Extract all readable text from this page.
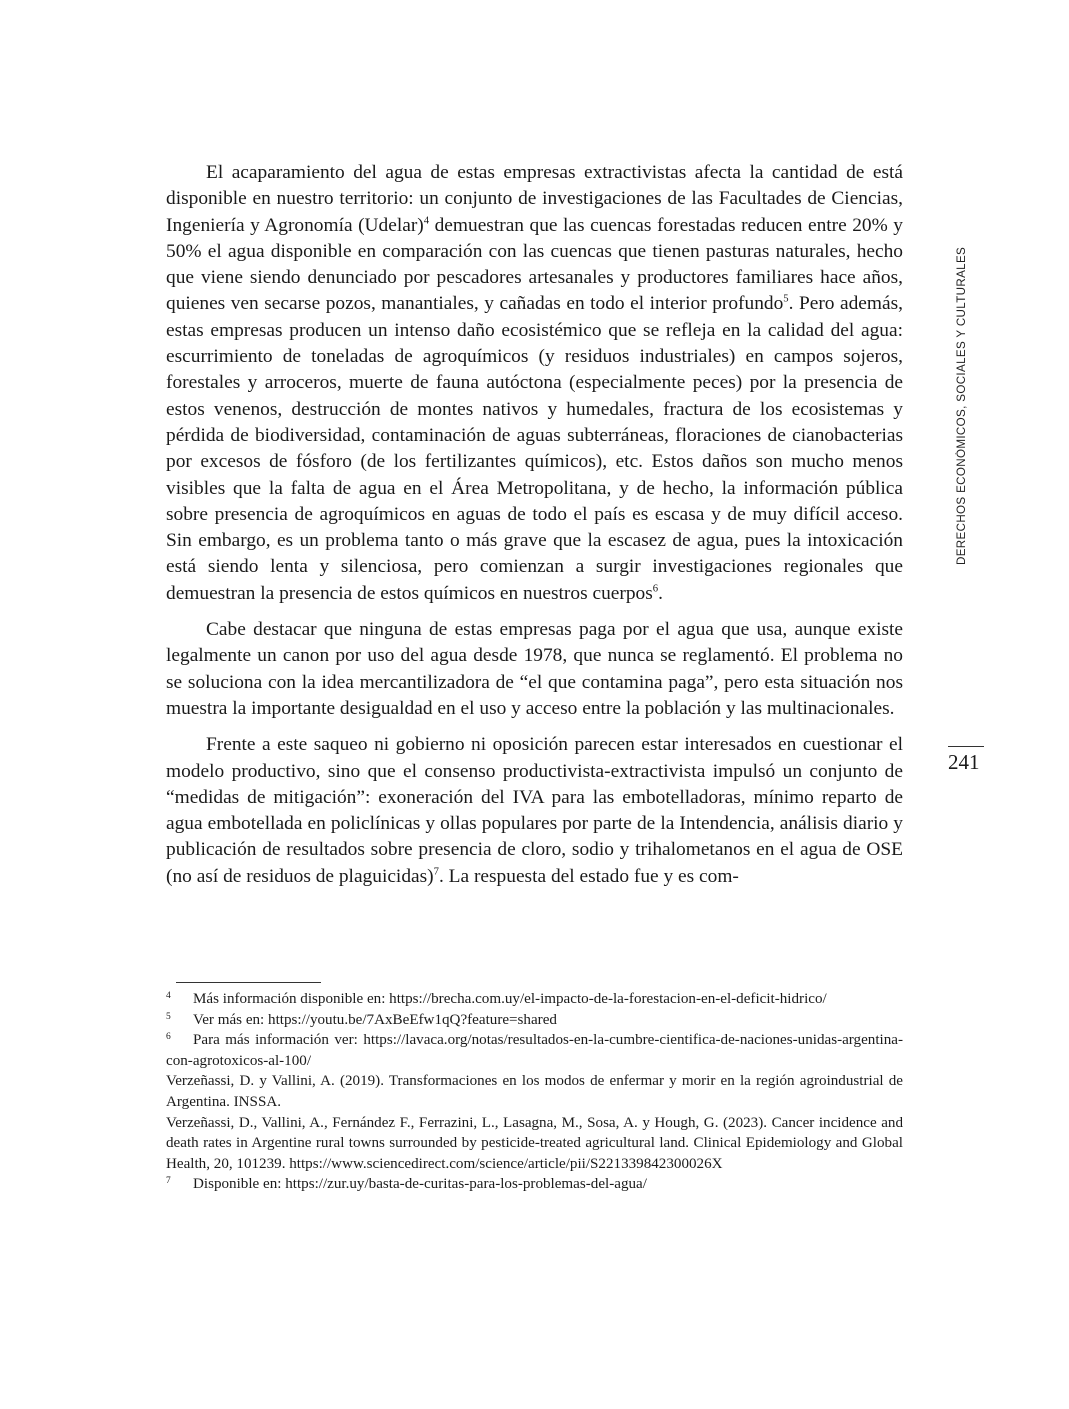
El acaparamiento del agua de estas empresas extractivistas afecta la cantidad de está disponible en nuestro territorio: un conjunto de investigaciones de las Facultades de Ciencias, Ingeniería y Agronomía (Udelar)$^4$ demuestran que las cuencas forestadas reducen entre 20% y 50% el agua disponible en comparación con las cuencas que tienen pasturas naturales, hecho que viene siendo denunciado por pescadores artesanales y productores familiares hace años, quienes ven secarse pozos, manantiales, y cañadas en todo el interior profundo$^5$. Pero además, estas empresas producen un intenso daño ecosistémico que se refleja en la calidad del agua: escurrimiento de toneladas de agroquímicos (y residuos industriales) en campos sojeros, forestales y arroceros, muerte de fauna autóctona (especialmente peces) por la presencia de estos venenos, destrucción de montes nativos y humedales, fractura de los ecosistemas y pérdida de biodiversidad, contaminación de aguas subterráneas, floraciones de cianobacterias por excesos de fósforo (de los fertilizantes químicos), etc. Estos daños son mucho menos visibles que la falta de agua en el Área Metropolitana, y de hecho, la información pública sobre presencia de agroquímicos en aguas de todo el país es escasa y de muy difícil acceso. Sin embargo, es un problema tanto o más grave que la escasez de agua, pues la intoxicación está siendo lenta y silenciosa, pero comienzan a surgir investigaciones regionales que demuestran la presencia de estos químicos en nuestros cuerpos$^6$.

Cabe destacar que ninguna de estas empresas paga por el agua que usa, aunque existe legalmente un canon por uso del agua desde 1978, que nunca se reglamentó. El problema no se soluciona con la idea mercantilizadora de “el que contamina paga”, pero esta situación nos muestra la importante desigualdad en el uso y acceso entre la población y las multinacionales.

Frente a este saqueo ni gobierno ni oposición parecen estar interesados en cuestionar el modelo productivo, sino que el consenso productivista-extractivista impulsó un conjunto de “medidas de mitigación”: exoneración del IVA para las embotelladoras, mínimo reparto de agua embotellada en policlínicas y ollas populares por parte de la Intendencia, análisis diario y publicación de resultados sobre presencia de cloro, sodio y trihalometanos en el agua de OSE (no así de residuos de plaguicidas)$^7$. La respuesta del estado fue y es com-

DERECHOS ECONÓMICOS, SOCIALES Y CULTURALES
241
4 Más información disponible en: https://brecha.com.uy/el-impacto-de-la-forestacion-en-el-deficit-hidrico/
5 Ver más en: https://youtu.be/7AxBeEfw1qQ?feature=shared
6 Para más información ver: https://lavaca.org/notas/resultados-en-la-cumbre-cientifica-de-naciones-unidas-argentina-con-agrotoxicos-al-100/
Verzeñassi, D. y Vallini, A. (2019). Transformaciones en los modos de enfermar y morir en la región agroindustrial de Argentina. INSSA.
Verzeñassi, D., Vallini, A., Fernández F., Ferrazini, L., Lasagna, M., Sosa, A. y Hough, G. (2023). Cancer incidence and death rates in Argentine rural towns surrounded by pesticide-treated agricultural land. Clinical Epidemiology and Global Health, 20, 101239. https://www.sciencedirect.com/science/article/pii/S221339842300026X
7 Disponible en: https://zur.uy/basta-de-curitas-para-los-problemas-del-agua/
